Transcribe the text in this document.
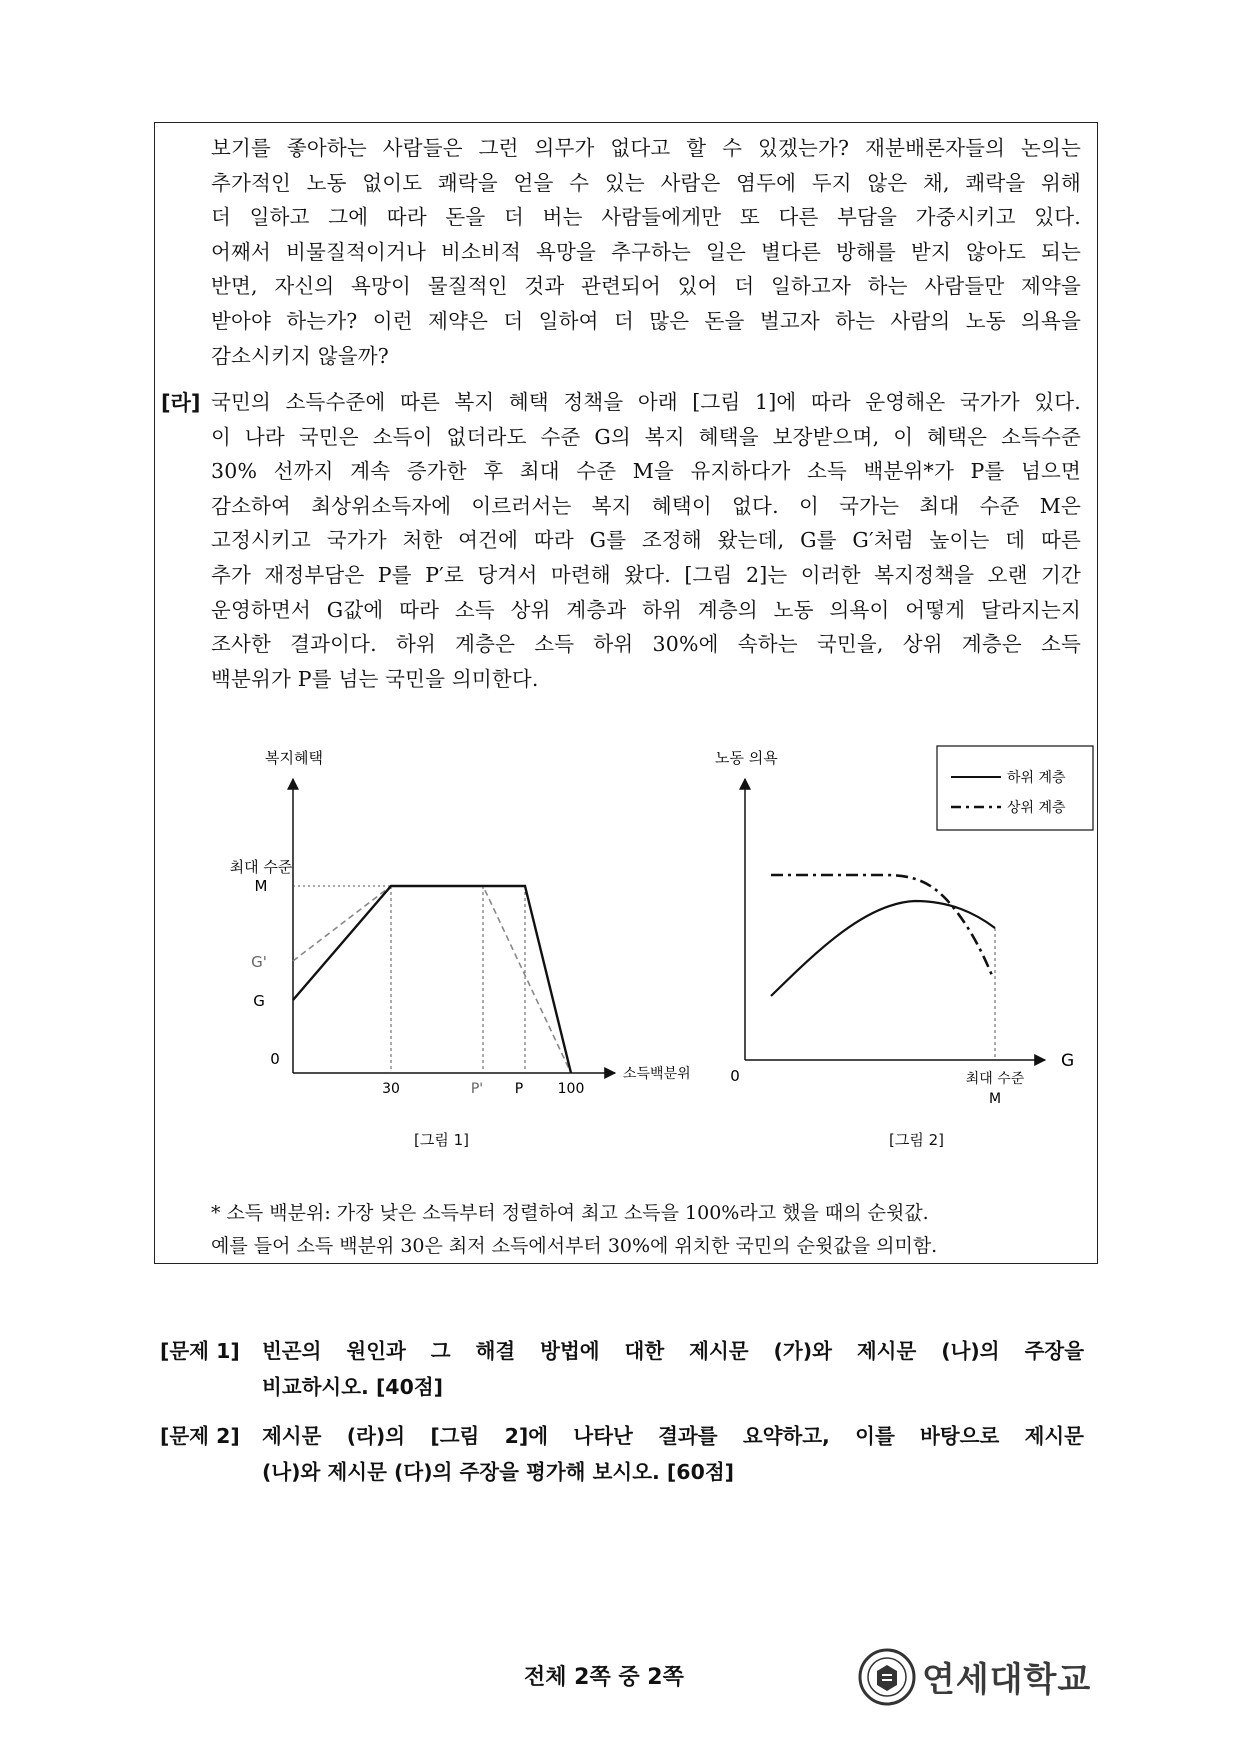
보기를 좋아하는 사람들은 그런 의무가 없다고 할 수 있겠는가? 재분배론자들의 논의는
추가적인 노동 없이도 쾌락을 얻을 수 있는 사람은 염두에 두지 않은 채, 쾌락을 위해
더 일하고 그에 따라 돈을 더 버는 사람들에게만 또 다른 부담을 가중시키고 있다.
어째서 비물질적이거나 비소비적 욕망을 추구하는 일은 별다른 방해를 받지 않아도 되는
반면, 자신의 욕망이 물질적인 것과 관련되어 있어 더 일하고자 하는 사람들만 제약을
받아야 하는가? 이런 제약은 더 일하여 더 많은 돈을 벌고자 하는 사람의 노동 의욕을
감소시키지 않을까?

[라] 국민의 소득수준에 따른 복지 혜택 정책을 아래 [그림 1]에 따라 운영해온 국가가 있다.
이 나라 국민은 소득이 없더라도 수준 G의 복지 혜택을 보장받으며, 이 혜택은 소득수준
30% 선까지 계속 증가한 후 최대 수준 M을 유지하다가 소득 백분위*가 P를 넘으면
감소하여 최상위소득자에 이르러서는 복지 혜택이 없다. 이 국가는 최대 수준 M은
고정시키고 국가가 처한 여건에 따라 G를 조정해 왔는데, G를 G′처럼 높이는 데 따른
추가 재정부담은 P를 P′로 당겨서 마련해 왔다. [그림 2]는 이러한 복지정책을 오랜 기간
운영하면서 G값에 따라 소득 상위 계층과 하위 계층의 노동 의욕이 어떻게 달라지는지
조사한 결과이다. 하위 계층은 소득 하위 30%에 속하는 국민을, 상위 계층은 소득
백분위가 P를 넘는 국민을 의미한다.

복지혜택
소득백분위
최대 수준
M
G'
G
0
30	P' P 100
노동 의욕
G
0	최대 수준
M
하위 계층
상위 계층
[그림 1]	[그림 2]

* 소득 백분위: 가장 낮은 소득부터 정렬하여 최고 소득을 100%라고 했을 때의 순윗값.
예를 들어 소득 백분위 30은 최저 소득에서부터 30%에 위치한 국민의 순윗값을 의미함.

[문제 1] 빈곤의 원인과 그 해결 방법에 대한 제시문 (가)와 제시문 (나)의 주장을
비교하시오. [40점]
[문제 2] 제시문 (라)의 [그림 2]에 나타난 결과를 요약하고, 이를 바탕으로 제시문
(나)와 제시문 (다)의 주장을 평가해 보시오. [60점]
전체 2쪽 중 2쪽	연세대학교
